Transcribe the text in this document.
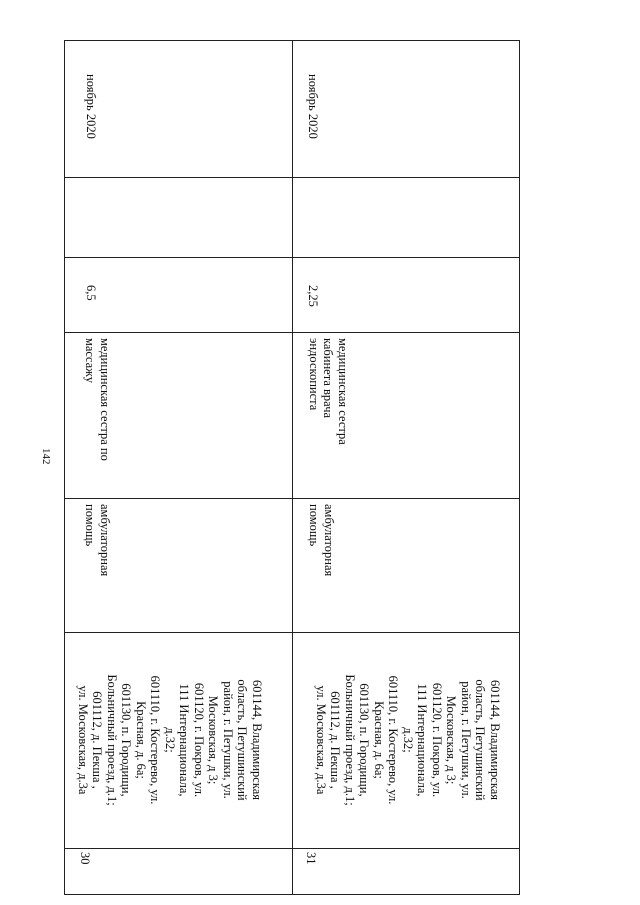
142
ноябрь 2020
6,5
медицинская сестра по массажу
амбулаторная помощь
601144, Владимирская
область, Петушинский
район, г. Петушки, ул.
Московская, д 3;
601120, г. Покров, ул.
111 Интернационала,
д.32;
601110, г. Костерево, ул.
Красная, д. 6а;
601130, п. Городищи,
Больничный проезд, д.1;
601112, д. Пекша ,
ул. Московская, д.3а
30
ноябрь 2020
2,25
медицинская сестра кабинета врача эндоскописта
амбулаторная помощь
601144, Владимирская
область, Петушинский
район, г. Петушки, ул.
Московская, д 3;
601120, г. Покров, ул.
111 Интернационала,
д.32;
601110, г. Костерево, ул.
Красная, д. 6а;
601130, п. Городищи,
Больничный проезд, д.1;
601112, д. Пекша ,
ул. Московская, д.3а
31
